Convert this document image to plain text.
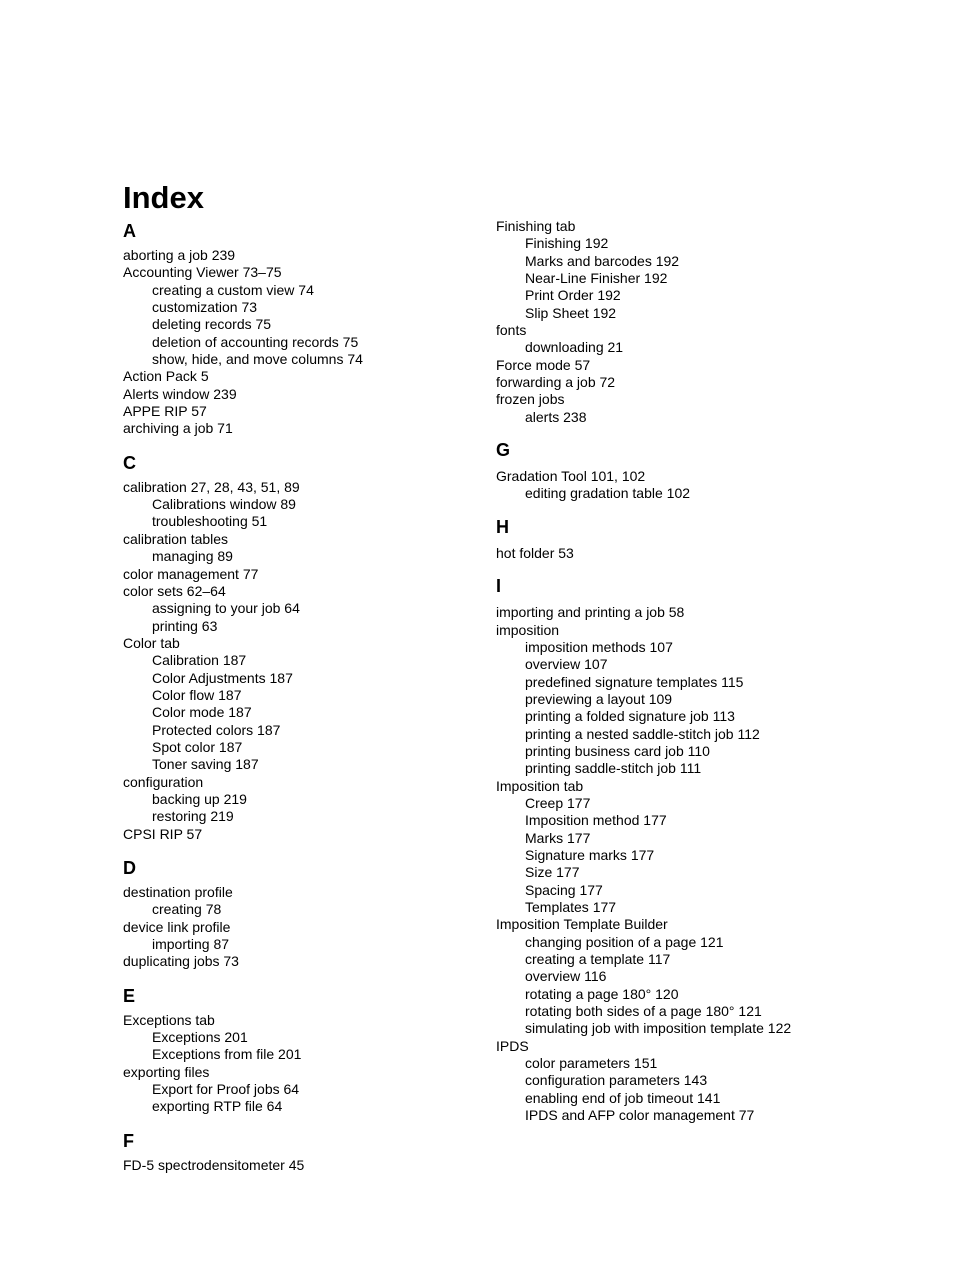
Index
A
aborting a job 239
Accounting Viewer 73–75
creating a custom view 74
customization 73
deleting records 75
deletion of accounting records 75
show, hide, and move columns 74
Action Pack 5
Alerts window 239
APPE RIP 57
archiving a job 71
C
calibration 27, 28, 43, 51, 89
Calibrations window 89
troubleshooting 51
calibration tables
managing 89
color management 77
color sets 62–64
assigning to your job 64
printing 63
Color tab
Calibration 187
Color Adjustments 187
Color flow 187
Color mode 187
Protected colors 187
Spot color 187
Toner saving 187
configuration
backing up 219
restoring 219
CPSI RIP 57
D
destination profile
creating 78
device link profile
importing 87
duplicating jobs 73
E
Exceptions tab
Exceptions 201
Exceptions from file 201
exporting files
Export for Proof jobs 64
exporting RTP file 64
F
FD-5 spectrodensitometer 45
Finishing tab
Finishing 192
Marks and barcodes 192
Near-Line Finisher 192
Print Order 192
Slip Sheet 192
fonts
downloading 21
Force mode 57
forwarding a job 72
frozen jobs
alerts 238
G
Gradation Tool 101, 102
editing gradation table 102
H
hot folder 53
I
importing and printing a job 58
imposition
imposition methods 107
overview 107
predefined signature templates 115
previewing a layout 109
printing a folded signature job 113
printing a nested saddle-stitch job 112
printing business card job 110
printing saddle-stitch job 111
Imposition tab
Creep 177
Imposition method 177
Marks 177
Signature marks 177
Size 177
Spacing 177
Templates 177
Imposition Template Builder
changing position of a page 121
creating a template 117
overview 116
rotating a page 180° 120
rotating both sides of a page 180° 121
simulating job with imposition template 122
IPDS
color parameters 151
configuration parameters 143
enabling end of job timeout 141
IPDS and AFP color management 77
